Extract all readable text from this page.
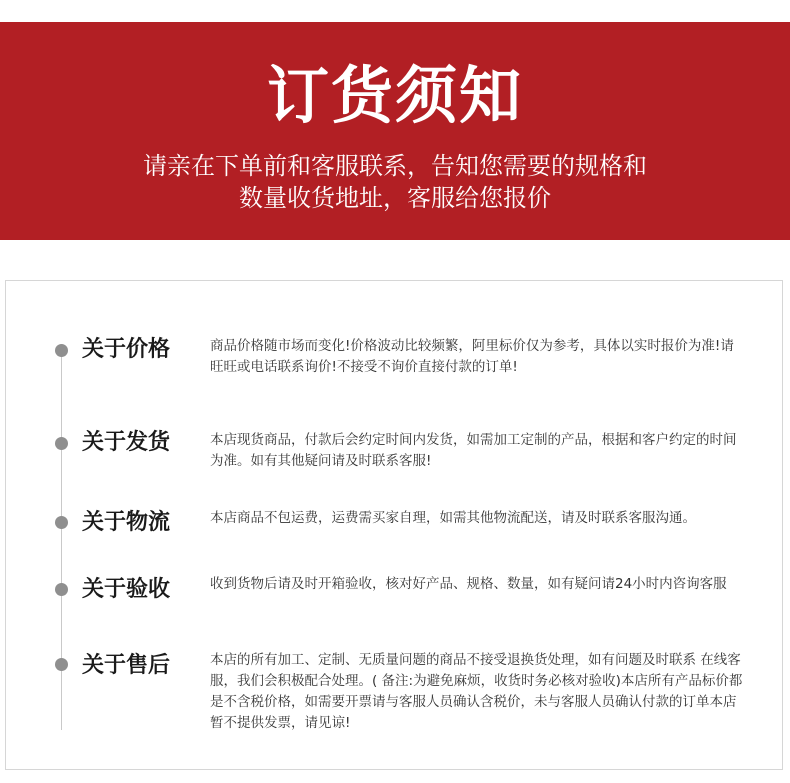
订货须知
请亲在下单前和客服联系，告知您需要的规格和
数量收货地址，客服给您报价
关于价格	商品价格随市场而变化!价格波动比较频繁，阿里标价仅为参考，具体以实时报价为准!请旺旺或电话联系询价!不接受不询价直接付款的订单!
关于发货	本店现货商品，付款后会约定时间内发货，如需加工定制的产品，根据和客户约定的时间为准。如有其他疑问请及时联系客服!
关于物流	本店商品不包运费，运费需买家自理，如需其他物流配送，请及时联系客服沟通。
关于验收	收到货物后请及时开箱验收，核对好产品、规格、数量，如有疑问请24小时内咨询客服
关于售后	本店的所有加工、定制、无质量问题的商品不接受退换货处理，如有问题及时联系 在线客服，我们会积极配合处理。( 备注:为避免麻烦，收货时务必核对验收)本店所有产品标价都是不含税价格，如需要开票请与客服人员确认含税价，未与客服人员确认付款的订单本店暂不提供发票，请见谅!
